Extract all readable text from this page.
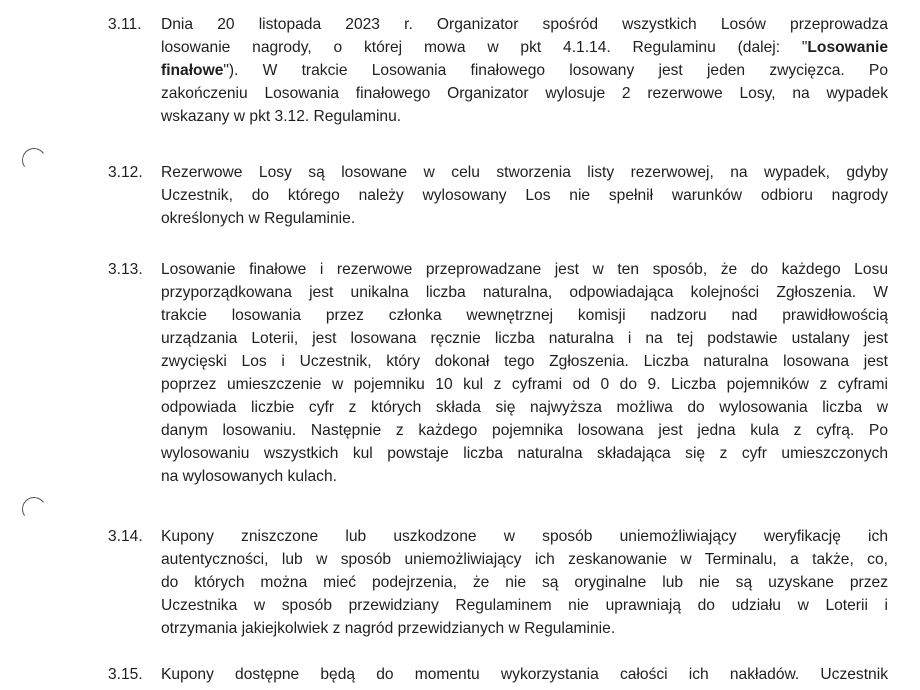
3.11. Dnia 20 listopada 2023 r. Organizator spośród wszystkich Losów przeprowadza
losowanie nagrody, o której mowa w pkt 4.1.14. Regulaminu (dalej: "Losowanie
finałowe"). W trakcie Losowania finałowego losowany jest jeden zwycięzca. Po
zakończeniu Losowania finałowego Organizator wylosuje 2 rezerwowe Losy, na wypadek
wskazany w pkt 3.12. Regulaminu.
3.12. Rezerwowe Losy są losowane w celu stworzenia listy rezerwowej, na wypadek, gdyby
Uczestnik, do którego należy wylosowany Los nie spełnił warunków odbioru nagrody
określonych w Regulaminie.
3.13. Losowanie finałowe i rezerwowe przeprowadzane jest w ten sposób, że do każdego Losu
przyporządkowana jest unikalna liczba naturalna, odpowiadająca kolejności Zgłoszenia. W
trakcie losowania przez członka wewnętrznej komisji nadzoru nad prawidłowością
urządzania Loterii, jest losowana ręcznie liczba naturalna i na tej podstawie ustalany jest
zwycięski Los i Uczestnik, który dokonał tego Zgłoszenia. Liczba naturalna losowana jest
poprzez umieszczenie w pojemniku 10 kul z cyframi od 0 do 9. Liczba pojemników z cyframi
odpowiada liczbie cyfr z których składa się najwyższa możliwa do wylosowania liczba w
danym losowaniu. Następnie z każdego pojemnika losowana jest jedna kula z cyfrą. Po
wylosowaniu wszystkich kul powstaje liczba naturalna składająca się z cyfr umieszczonych
na wylosowanych kulach.
3.14. Kupony zniszczone lub uszkodzone w sposób uniemożliwiający weryfikację ich
autentyczności, lub w sposób uniemożliwiający ich zeskanowanie w Terminalu, a także, co,
do których można mieć podejrzenia, że nie są oryginalne lub nie są uzyskane przez
Uczestnika w sposób przewidziany Regulaminem nie uprawniają do udziału w Loterii i
otrzymania jakiejkolwiek z nagród przewidzianych w Regulaminie.
3.15. Kupony dostępne będą do momentu wykorzystania całości ich nakładów. Uczestnik
